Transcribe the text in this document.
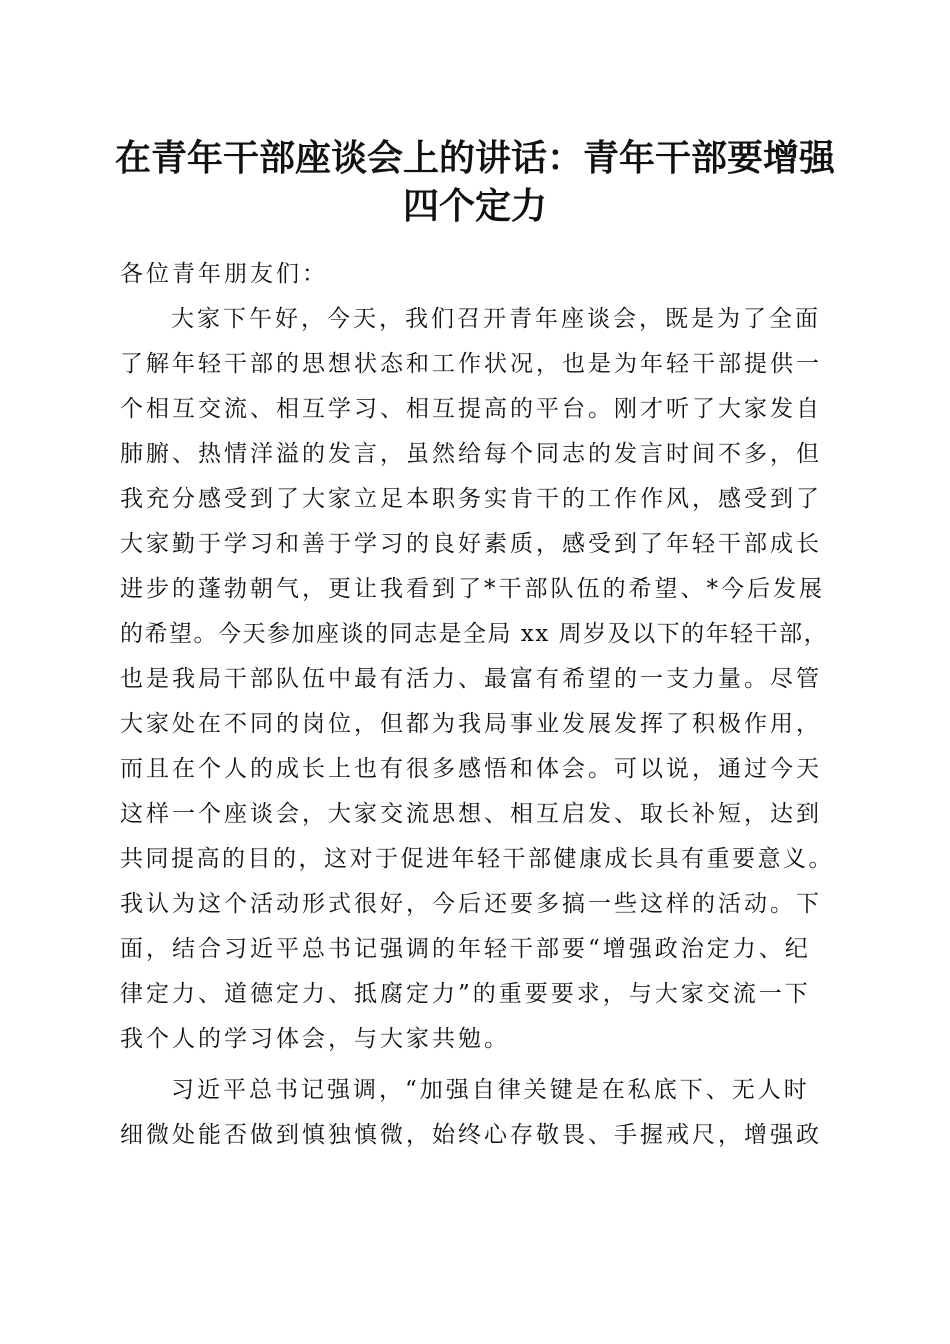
在青年干部座谈会上的讲话：青年干部要增强
四个定力
各位青年朋友们：
大家下午好，今天，我们召开青年座谈会，既是为了全面
了解年轻干部的思想状态和工作状况，也是为年轻干部提供一
个相互交流、相互学习、相互提高的平台。刚才听了大家发自
肺腑、热情洋溢的发言，虽然给每个同志的发言时间不多，但
我充分感受到了大家立足本职务实肯干的工作作风，感受到了
大家勤于学习和善于学习的良好素质，感受到了年轻干部成长
进步的蓬勃朝气，更让我看到了*干部队伍的希望、*今后发展
的希望。今天参加座谈的同志是全局 xx 周岁及以下的年轻干部，
也是我局干部队伍中最有活力、最富有希望的一支力量。尽管
大家处在不同的岗位，但都为我局事业发展发挥了积极作用，
而且在个人的成长上也有很多感悟和体会。可以说，通过今天
这样一个座谈会，大家交流思想、相互启发、取长补短，达到
共同提高的目的，这对于促进年轻干部健康成长具有重要意义。
我认为这个活动形式很好，今后还要多搞一些这样的活动。下
面，结合习近平总书记强调的年轻干部要“增强政治定力、纪
律定力、道德定力、抵腐定力”的重要要求，与大家交流一下
我个人的学习体会，与大家共勉。
习近平总书记强调，“加强自律关键是在私底下、无人时
细微处能否做到慎独慎微，始终心存敬畏、手握戒尺，增强政
